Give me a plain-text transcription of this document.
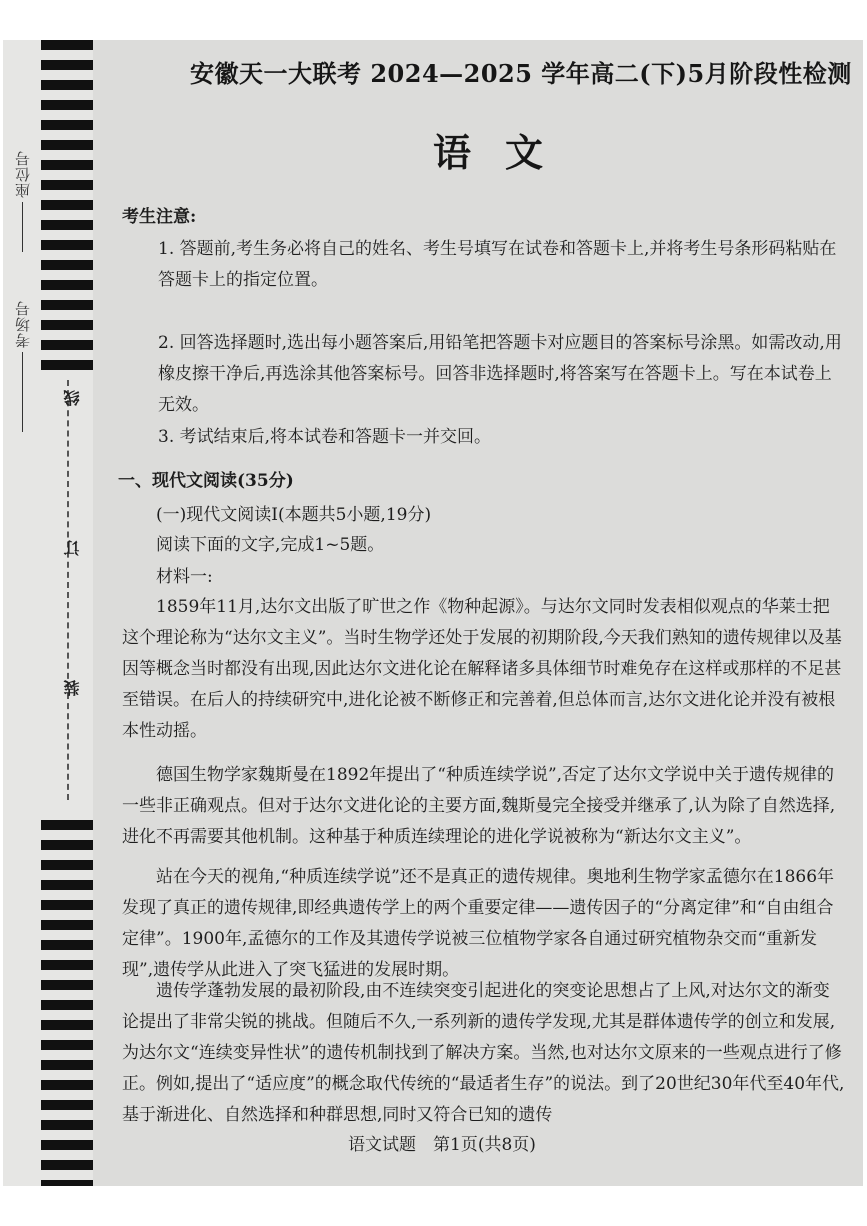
座位号
考场号
线
订
装
安徽天一大联考 2024—2025 学年高二(下)5月阶段性检测
语文
考生注意:
1. 答题前,考生务必将自己的姓名、考生号填写在试卷和答题卡上,并将考生号条形码粘贴在答题卡上的指定位置。
2. 回答选择题时,选出每小题答案后,用铅笔把答题卡对应题目的答案标号涂黑。如需改动,用橡皮擦干净后,再选涂其他答案标号。回答非选择题时,将答案写在答题卡上。写在本试卷上无效。
3. 考试结束后,将本试卷和答题卡一并交回。
一、现代文阅读(35分)
(一)现代文阅读Ⅰ(本题共5小题,19分)
阅读下面的文字,完成1~5题。
材料一:
1859年11月,达尔文出版了旷世之作《物种起源》。与达尔文同时发表相似观点的华莱士把这个理论称为“达尔文主义”。当时生物学还处于发展的初期阶段,今天我们熟知的遗传规律以及基因等概念当时都没有出现,因此达尔文进化论在解释诸多具体细节时难免存在这样或那样的不足甚至错误。在后人的持续研究中,进化论被不断修正和完善着,但总体而言,达尔文进化论并没有被根本性动摇。
德国生物学家魏斯曼在1892年提出了“种质连续学说”,否定了达尔文学说中关于遗传规律的一些非正确观点。但对于达尔文进化论的主要方面,魏斯曼完全接受并继承了,认为除了自然选择,进化不再需要其他机制。这种基于种质连续理论的进化学说被称为“新达尔文主义”。
站在今天的视角,“种质连续学说”还不是真正的遗传规律。奥地利生物学家孟德尔在1866年发现了真正的遗传规律,即经典遗传学上的两个重要定律——遗传因子的“分离定律”和“自由组合定律”。1900年,孟德尔的工作及其遗传学说被三位植物学家各自通过研究植物杂交而“重新发现”,遗传学从此进入了突飞猛进的发展时期。
遗传学蓬勃发展的最初阶段,由不连续突变引起进化的突变论思想占了上风,对达尔文的渐变论提出了非常尖锐的挑战。但随后不久,一系列新的遗传学发现,尤其是群体遗传学的创立和发展,为达尔文“连续变异性状”的遗传机制找到了解决方案。当然,也对达尔文原来的一些观点进行了修正。例如,提出了“适应度”的概念取代传统的“最适者生存”的说法。到了20世纪30年代至40年代,基于渐进化、自然选择和种群思想,同时又符合已知的遗传
语文试题　第1页(共8页)
